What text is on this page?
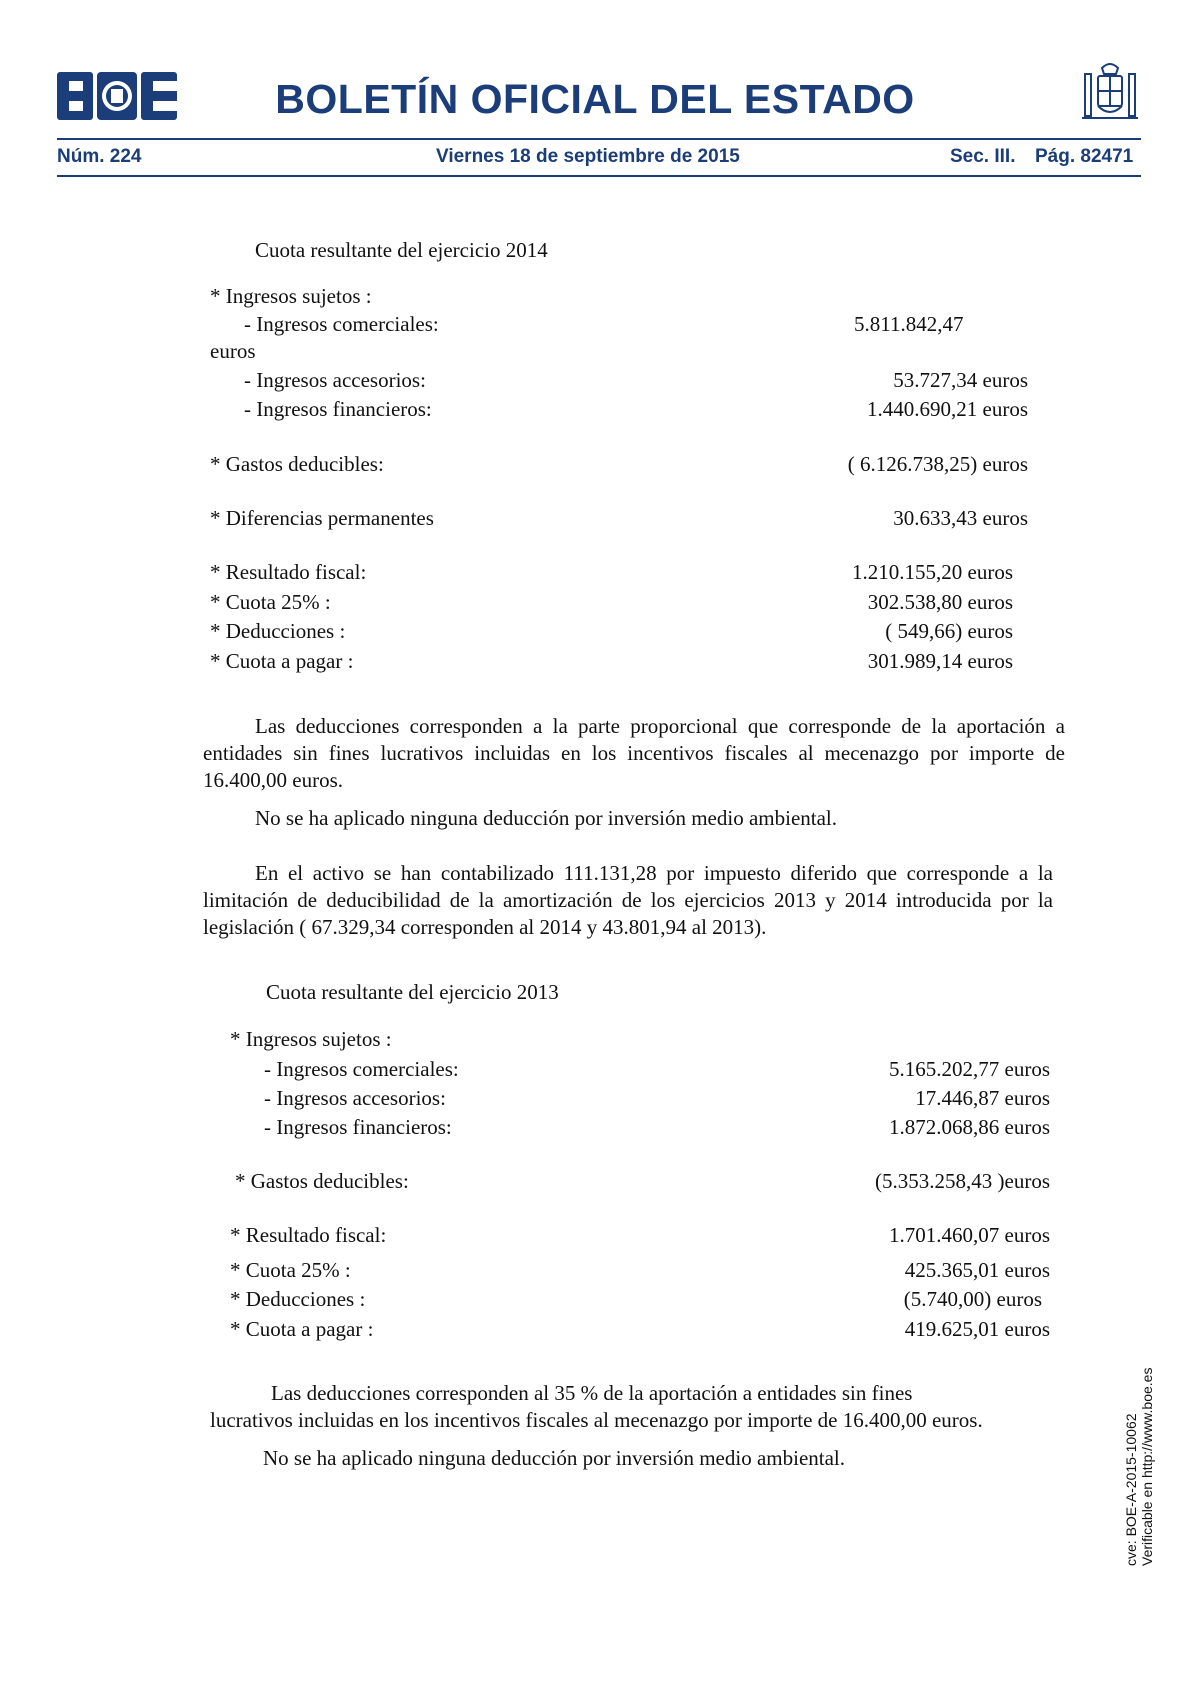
BOLETÍN OFICIAL DEL ESTADO
Núm. 224	Viernes 18 de septiembre de 2015	Sec. III. Pág. 82471
cve: BOE-A-2015-10062 Verificable en http://www.boe.es
Cuota resultante del ejercicio 2014
* Ingresos sujetos :
- Ingresos comerciales:	5.811.842,47
euros
- Ingresos accesorios:	53.727,34 euros
- Ingresos financieros:	1.440.690,21 euros
* Gastos deducibles:	( 6.126.738,25) euros
* Diferencias permanentes	30.633,43 euros
* Resultado fiscal:	1.210.155,20 euros
* Cuota 25% :	302.538,80 euros
* Deducciones :	( 549,66) euros
* Cuota a pagar :	301.989,14 euros
Las deducciones corresponden a la parte proporcional que corresponde de la aportación a entidades sin fines lucrativos incluidas en los incentivos fiscales al mecenazgo por importe de 16.400,00 euros.
No se ha aplicado ninguna deducción por inversión medio ambiental.
En el activo se han contabilizado 111.131,28 por impuesto diferido que corresponde a la limitación de deducibilidad de la amortización de los ejercicios 2013 y 2014 introducida por la legislación ( 67.329,34 corresponden al 2014 y 43.801,94 al 2013).
Cuota resultante del ejercicio 2013
* Ingresos sujetos :
- Ingresos comerciales:	5.165.202,77 euros
- Ingresos accesorios:	17.446,87 euros
- Ingresos financieros:	1.872.068,86 euros
* Gastos deducibles:	(5.353.258,43 )euros
* Resultado fiscal:	1.701.460,07 euros
* Cuota 25% :	425.365,01 euros
* Deducciones :	(5.740,00) euros
* Cuota a pagar :	419.625,01 euros
Las deducciones corresponden al 35 % de la aportación a entidades sin fines
lucrativos incluidas en los incentivos fiscales al mecenazgo por importe de 16.400,00 euros.
No se ha aplicado ninguna deducción por inversión medio ambiental.
